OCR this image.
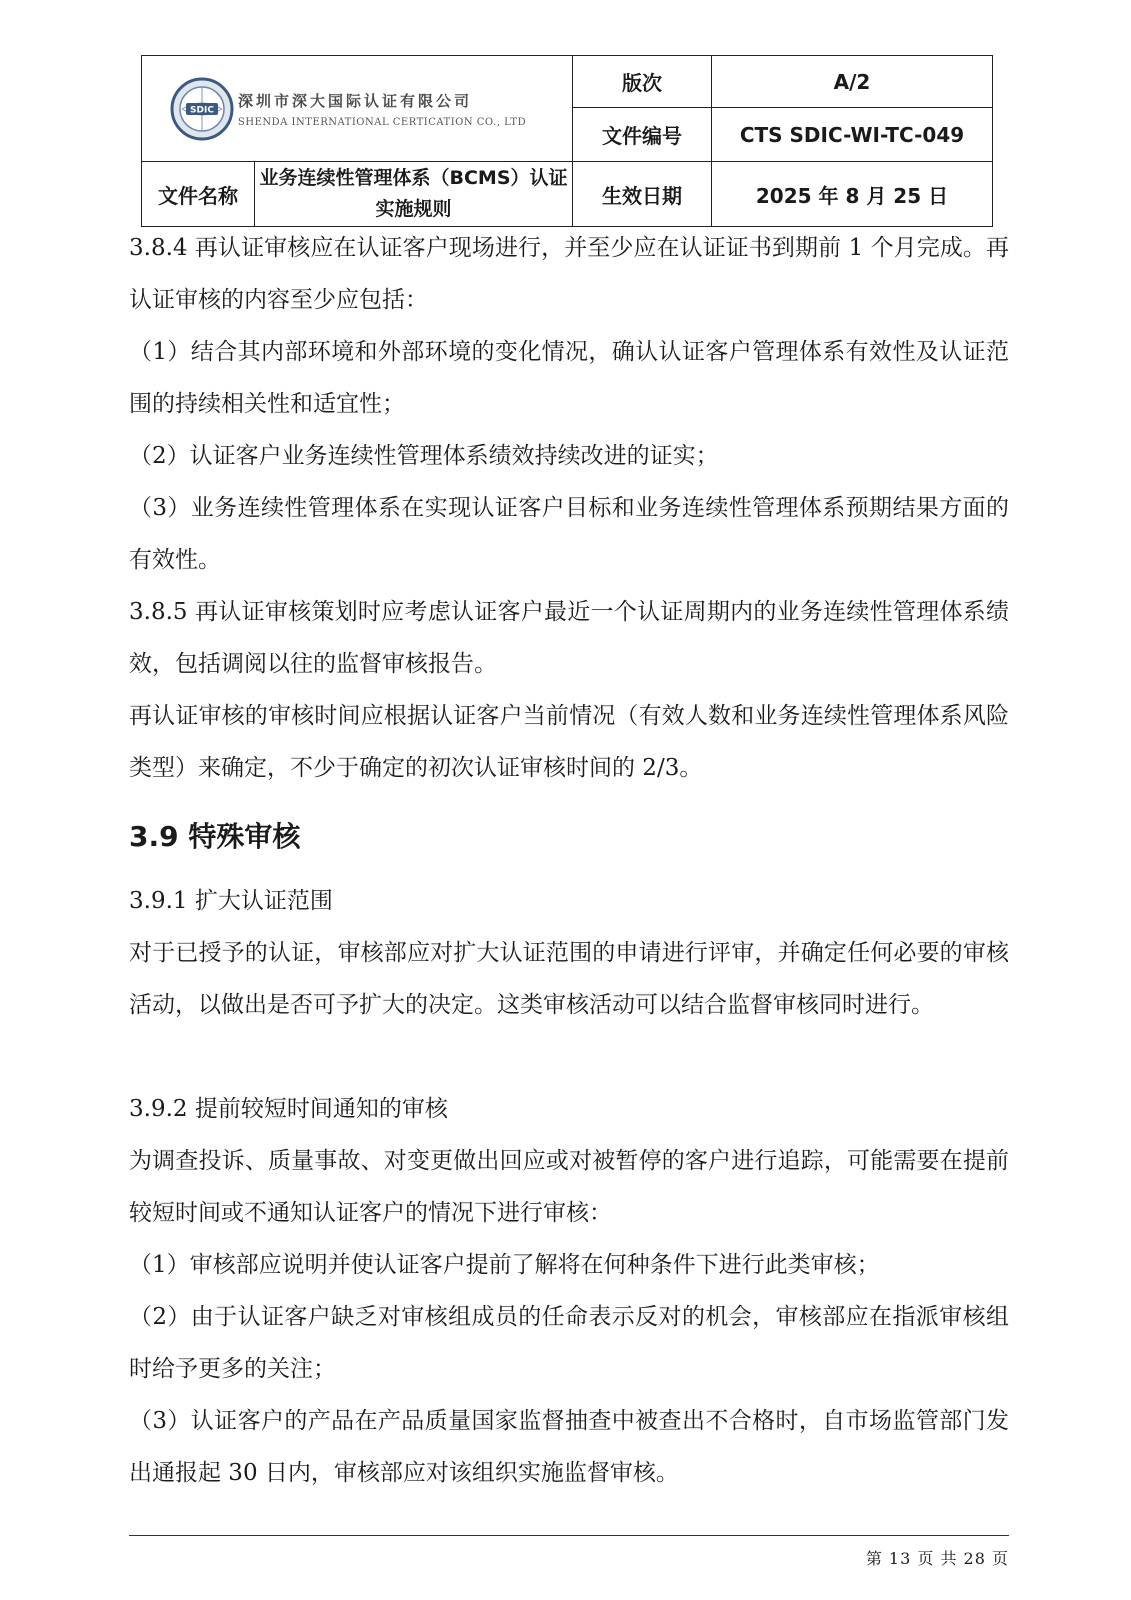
SDIC
深圳市深大国际认证有限公司
SHENDA INTERNATIONAL CERTICATION CO., LTD		版次	A/2
		文件编号	CTS SDIC-WI-TC-049
文件名称	业务连续性管理体系（BCMS）认证实施规则	生效日期	2025 年 8 月 25 日

3.8.4 再认证审核应在认证客户现场进行，并至少应在认证证书到期前 1 个月完成。再认证审核的内容至少应包括：

（1）结合其内部环境和外部环境的变化情况，确认认证客户管理体系有效性及认证范围的持续相关性和适宜性；

（2）认证客户业务连续性管理体系绩效持续改进的证实；

（3）业务连续性管理体系在实现认证客户目标和业务连续性管理体系预期结果方面的有效性。

3.8.5 再认证审核策划时应考虑认证客户最近一个认证周期内的业务连续性管理体系绩效，包括调阅以往的监督审核报告。

再认证审核的审核时间应根据认证客户当前情况（有效人数和业务连续性管理体系风险类型）来确定，不少于确定的初次认证审核时间的 2/3。

3.9 特殊审核

3.9.1 扩大认证范围

对于已授予的认证，审核部应对扩大认证范围的申请进行评审，并确定任何必要的审核活动，以做出是否可予扩大的决定。这类审核活动可以结合监督审核同时进行。

3.9.2 提前较短时间通知的审核

为调查投诉、质量事故、对变更做出回应或对被暂停的客户进行追踪，可能需要在提前较短时间或不通知认证客户的情况下进行审核：

（1）审核部应说明并使认证客户提前了解将在何种条件下进行此类审核；

（2）由于认证客户缺乏对审核组成员的任命表示反对的机会，审核部应在指派审核组时给予更多的关注；

（3）认证客户的产品在产品质量国家监督抽查中被查出不合格时，自市场监管部门发出通报起 30 日内，审核部应对该组织实施监督审核。

第 13 页 共 28 页
